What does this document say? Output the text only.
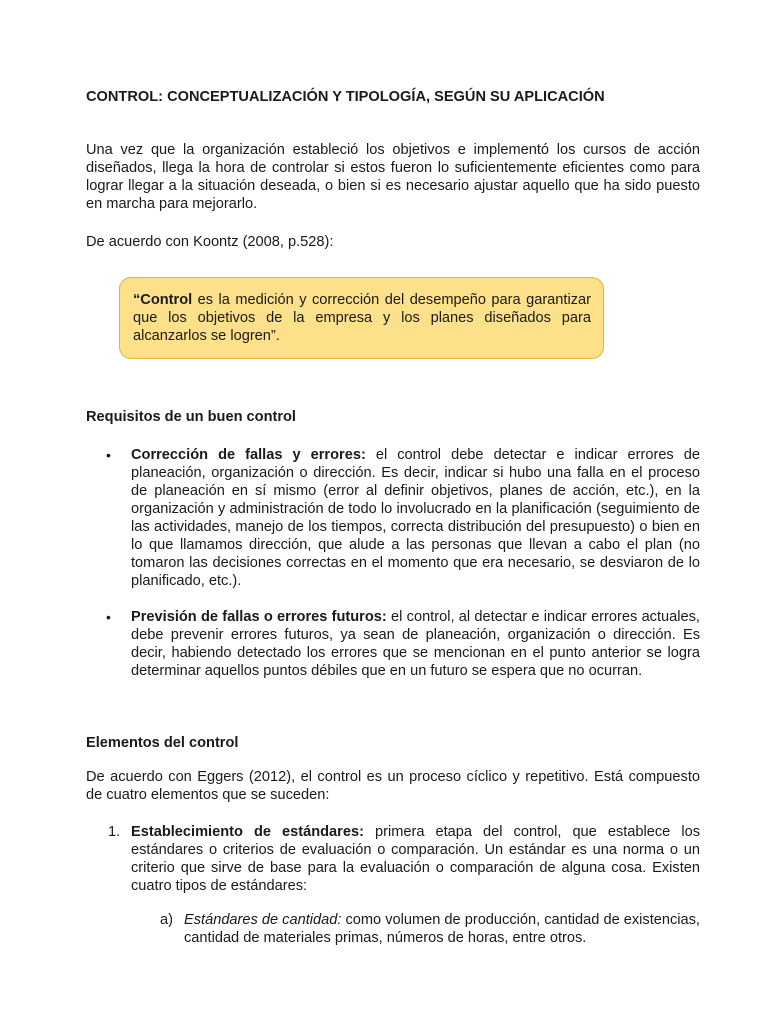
CONTROL: CONCEPTUALIZACIÓN Y TIPOLOGÍA, SEGÚN SU APLICACIÓN

Una vez que la organización estableció los objetivos e implementó los cursos de acción diseñados, llega la hora de controlar si estos fueron lo suficientemente eficientes como para lograr llegar a la situación deseada, o bien si es necesario ajustar aquello que ha sido puesto en marcha para mejorarlo.

De acuerdo con Koontz (2008, p.528):

“Control es la medición y corrección del desempeño para garantizar que los objetivos de la empresa y los planes diseñados para alcanzarlos se logren”.

Requisitos de un buen control
• Corrección de fallas y errores: el control debe detectar e indicar errores de planeación, organización o dirección. Es decir, indicar si hubo una falla en el proceso de planeación en sí mismo (error al definir objetivos, planes de acción, etc.), en la organización y administración de todo lo involucrado en la planificación (seguimiento de las actividades, manejo de los tiempos, correcta distribución del presupuesto) o bien en lo que llamamos dirección, que alude a las personas que llevan a cabo el plan (no tomaron las decisiones correctas en el momento que era necesario, se desviaron de lo planificado, etc.).
• Previsión de fallas o errores futuros: el control, al detectar e indicar errores actuales, debe prevenir errores futuros, ya sean de planeación, organización o dirección. Es decir, habiendo detectado los errores que se mencionan en el punto anterior se logra determinar aquellos puntos débiles que en un futuro se espera que no ocurran.
Elementos del control

De acuerdo con Eggers (2012), el control es un proceso cíclico y repetitivo. Está compuesto de cuatro elementos que se suceden:

1. Establecimiento de estándares: primera etapa del control, que establece los estándares o criterios de evaluación o comparación. Un estándar es una norma o un criterio que sirve de base para la evaluación o comparación de alguna cosa. Existen cuatro tipos de estándares:
a) Estándares de cantidad: como volumen de producción, cantidad de existencias, cantidad de materiales primas, números de horas, entre otros.
